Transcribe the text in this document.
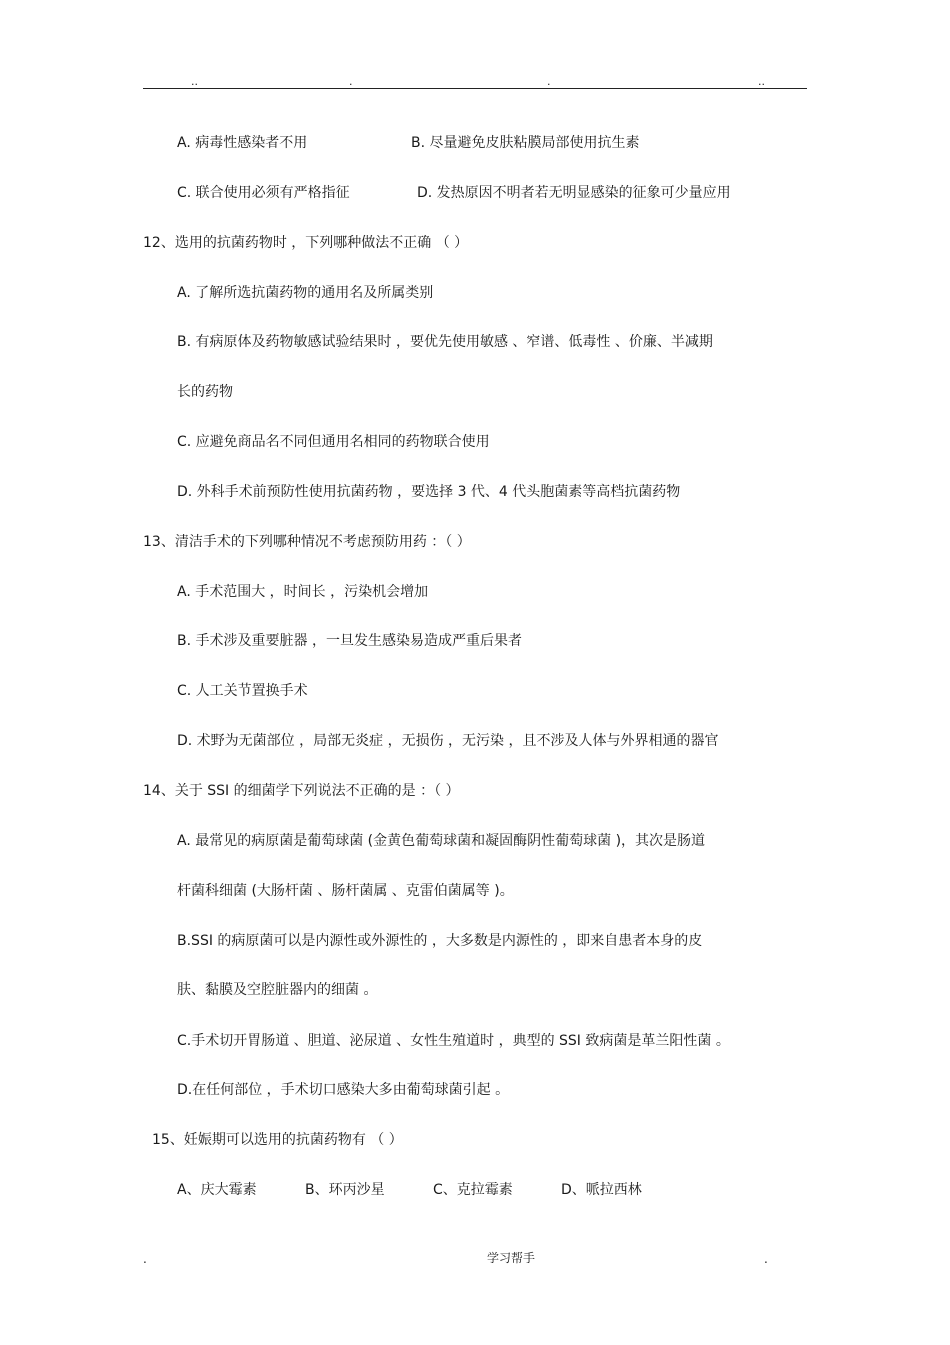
..	.	.	..
A. 病毒性感染者不用	B. 尽量避免皮肤粘膜局部使用抗生素
C. 联合使用必须有严格指征	D. 发热原因不明者若无明显感染的征象可少量应用
12、选用的抗菌药物时 ，下列哪种做法不正确 （ ）
A. 了解所选抗菌药物的通用名及所属类别
B. 有病原体及药物敏感试验结果时 ，要优先使用敏感 、窄谱、低毒性 、价廉、半减期
长的药物
C. 应避免商品名不同但通用名相同的药物联合使用
D. 外科手术前预防性使用抗菌药物 ，要选择 3 代、4 代头胞菌素等高档抗菌药物
13、清洁手术的下列哪种情况不考虑预防用药 ：（ ）
A. 手术范围大 ，时间长 ，污染机会增加
B. 手术涉及重要脏器 ，一旦发生感染易造成严重后果者
C. 人工关节置换手术
D. 术野为无菌部位 ，局部无炎症 ，无损伤 ，无污染 ，且不涉及人体与外界相通的器官
14、关于 SSI 的细菌学下列说法不正确的是 ：（ ）
A. 最常见的病原菌是葡萄球菌 (金黄色葡萄球菌和凝固酶阴性葡萄球菌 )，其次是肠道
杆菌科细菌 (大肠杆菌 、肠杆菌属 、克雷伯菌属等 )。
B.SSI 的病原菌可以是内源性或外源性的 ，大多数是内源性的 ，即来自患者本身的皮
肤、黏膜及空腔脏器内的细菌 。
C.手术切开胃肠道 、胆道、泌尿道 、女性生殖道时 ，典型的 SSI 致病菌是革兰阳性菌 。
D.在任何部位 ，手术切口感染大多由葡萄球菌引起 。
15、妊娠期可以选用的抗菌药物有 （ ）
A、庆大霉素	B、环丙沙星	C、克拉霉素	D、哌拉西林
.	学习帮手	.
